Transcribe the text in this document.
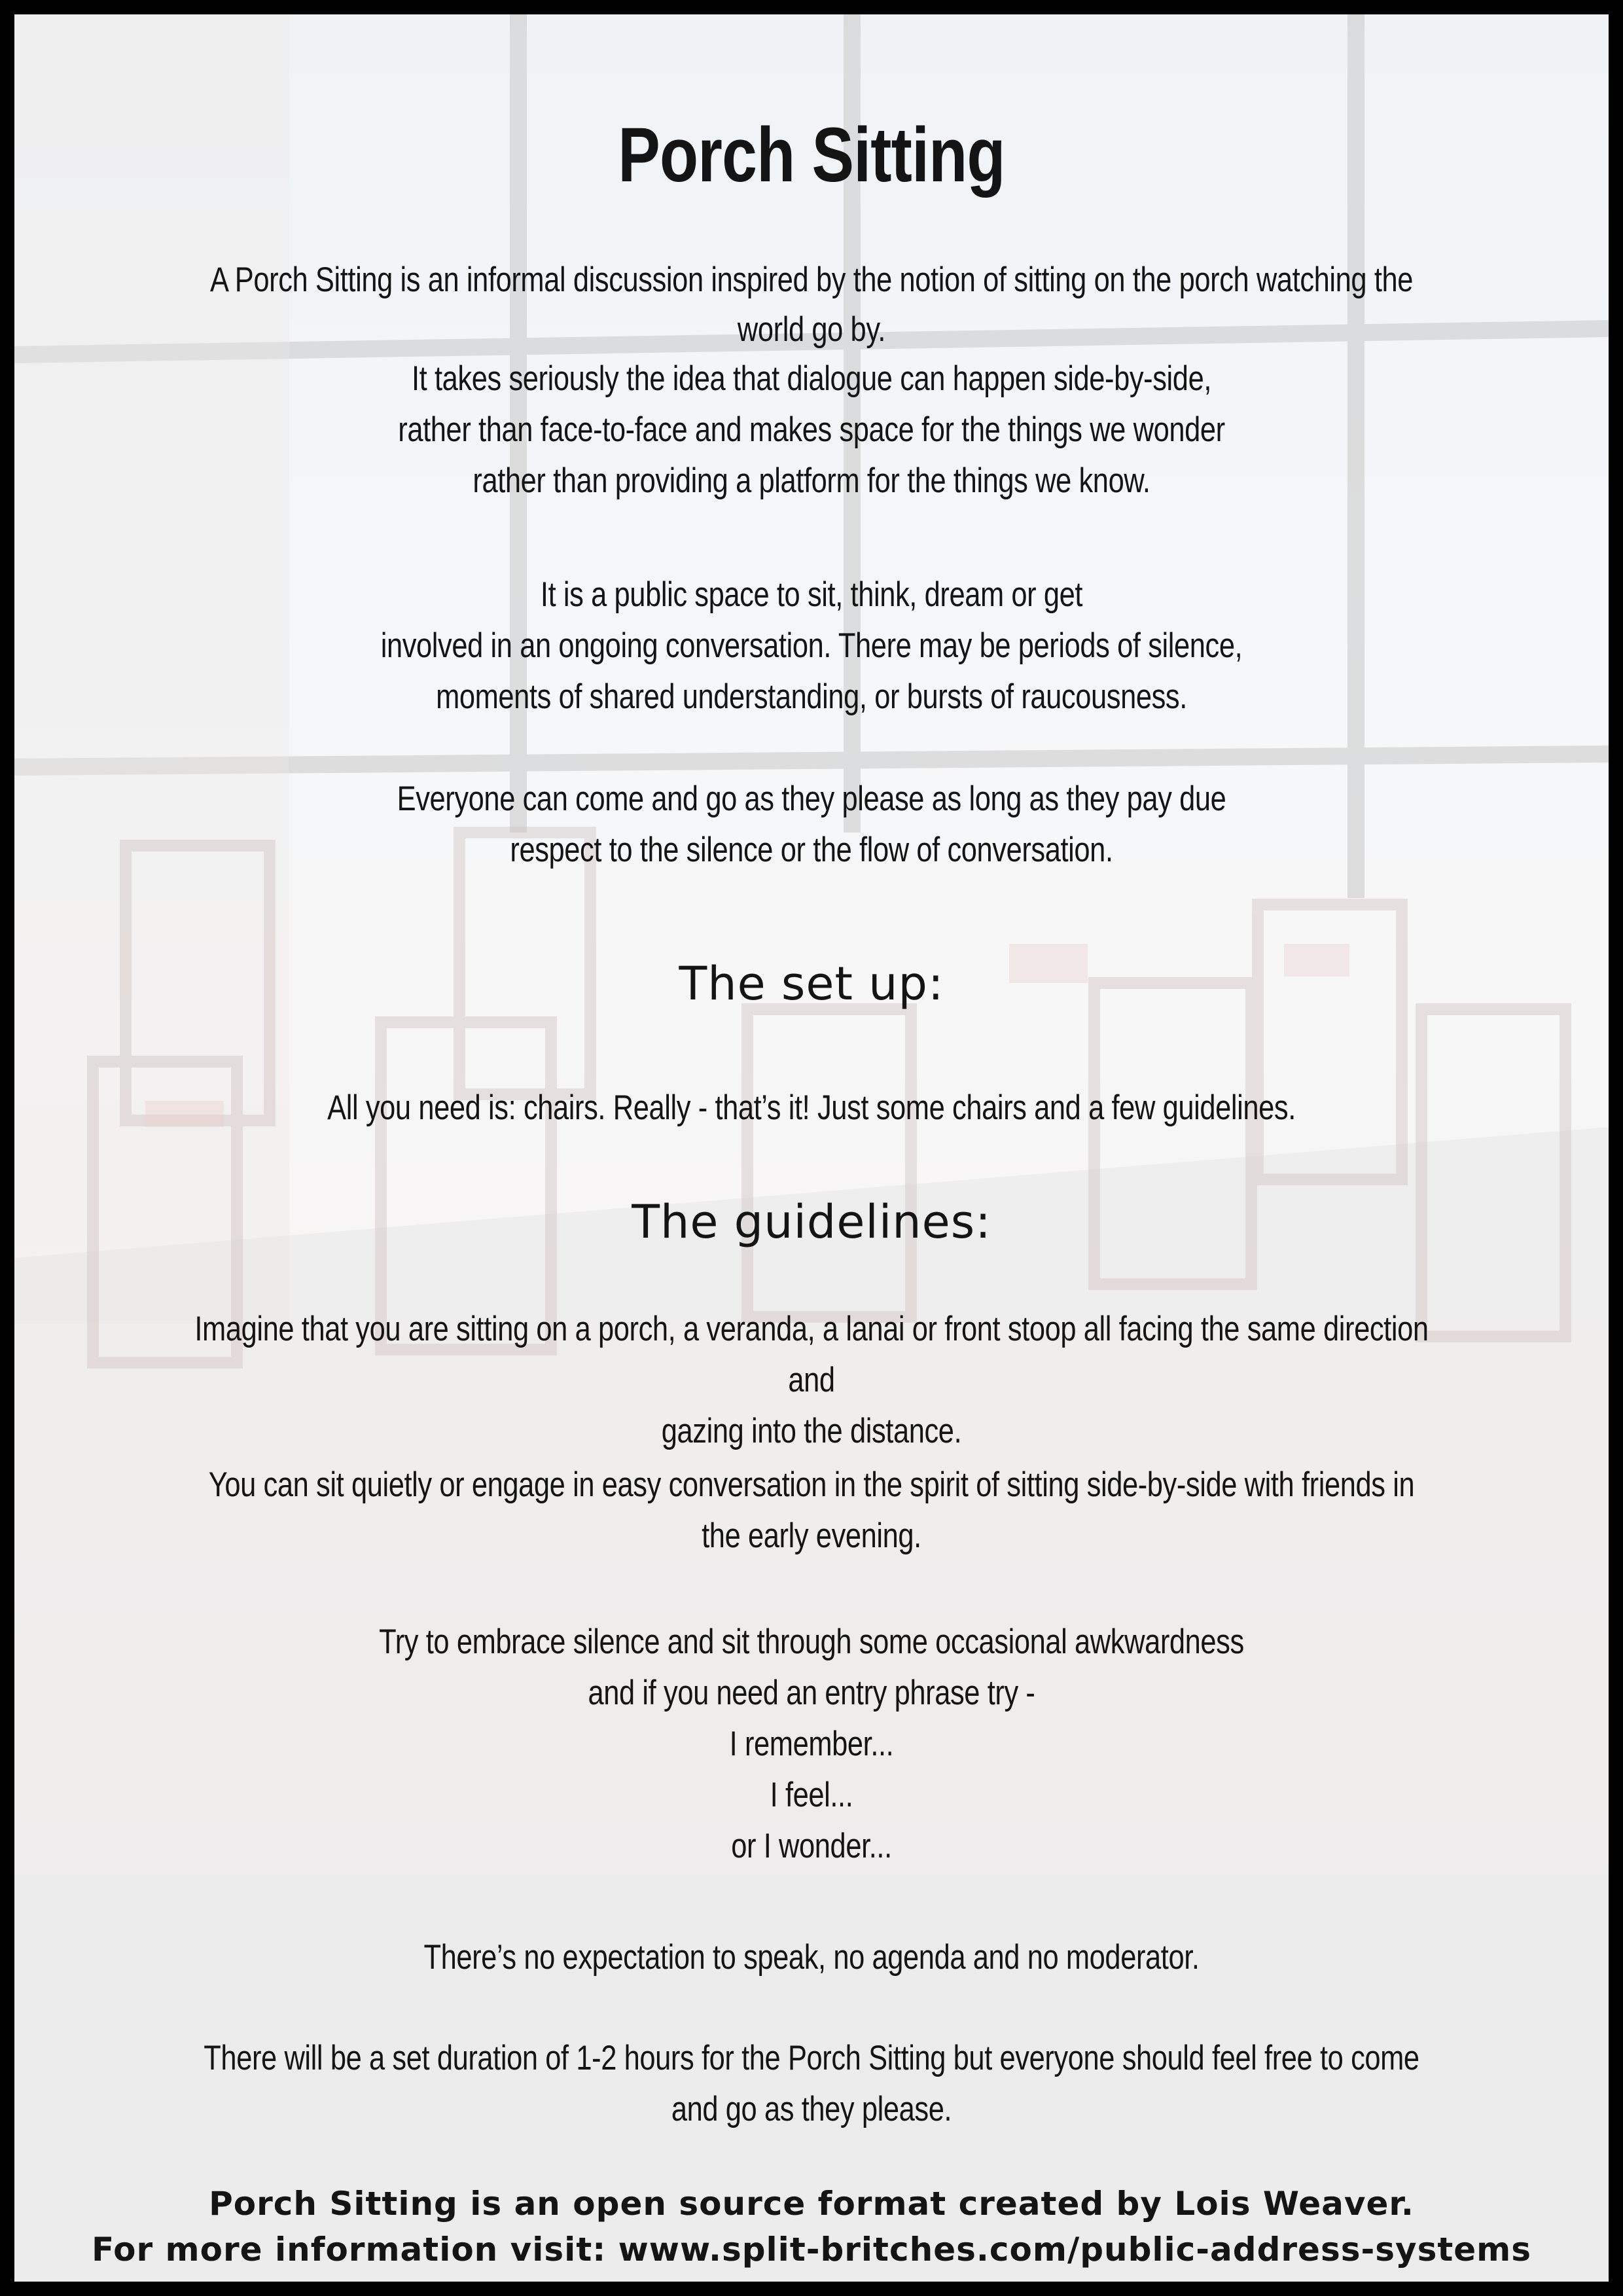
Porch Sitting

A Porch Sitting is an informal discussion inspired by the notion of sitting on the porch watching the world go by.

It takes seriously the idea that dialogue can happen side-by-side,
rather than face-to-face and makes space for the things we wonder
rather than providing a platform for the things we know.

It is a public space to sit, think, dream or get
involved in an ongoing conversation. There may be periods of silence,
moments of shared understanding, or bursts of raucousness.

Everyone can come and go as they please as long as they pay due
respect to the silence or the flow of conversation.

The set up:

All you need is: chairs. Really - that’s it! Just some chairs and a few guidelines.

The guidelines:

Imagine that you are sitting on a porch, a veranda, a lanai or front stoop all facing the same direction and
gazing into the distance.

You can sit quietly or engage in easy conversation in the spirit of sitting side-by-side with friends in
the early evening.

Try to embrace silence and sit through some occasional awkwardness
and if you need an entry phrase try -
I remember...
I feel...
or I wonder...

There’s no expectation to speak, no agenda and no moderator.

There will be a set duration of 1-2 hours for the Porch Sitting but everyone should feel free to come
and go as they please.

Porch Sitting is an open source format created by Lois Weaver.
For more information visit: www.split-britches.com/public-address-systems
